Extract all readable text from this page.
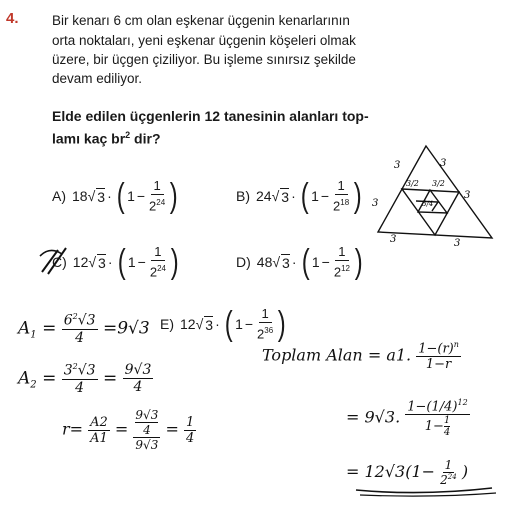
4. Bir kenarı 6 cm olan eşkenar üçgenin kenarlarının
orta noktaları, yeni eşkenar üçgenin köşeleri olmak
üzere, bir üçgen çiziliyor. Bu işleme sınırsız şekilde
devam ediliyor.
Elde edilen üçgenlerin 12 tanesinin alanları top-
lamı kaç $br^2$ dir?
A) 18 √ 3 · ( $1 - \frac{1}{2^{24}}$ )	B) 24 √ 3 · ( $1 - \frac{1}{2^{18}}$ )
C) 12 √ 3 · ( $1 - \frac{1}{2^{24}}$ )	D) 48 √ 3 · ( $1 - \frac{1}{2^{12}}$ )
E) 12 √ 3 · ( $1 - \frac{1}{2^{36}}$ )
3	3
3
3
3	3
3/2 3/2
3/4
$A_1 = \frac{6^2√3}{4} =9√3$
$A_2 = \frac{3^2√3}{4} = \frac{9√3}{4}$
$r= \frac{A2}{A1} = 9√3$
4
$9√3 = \frac{1}{4}$
Toplam Alan = a1. $\frac{1-(r)^n}{1-r}$
= 9√3. $\frac{1-(1/4)^{12}}{1- \frac{1}{4}}$
= $12√3(1- \frac{1}{2^{24}}$ )
